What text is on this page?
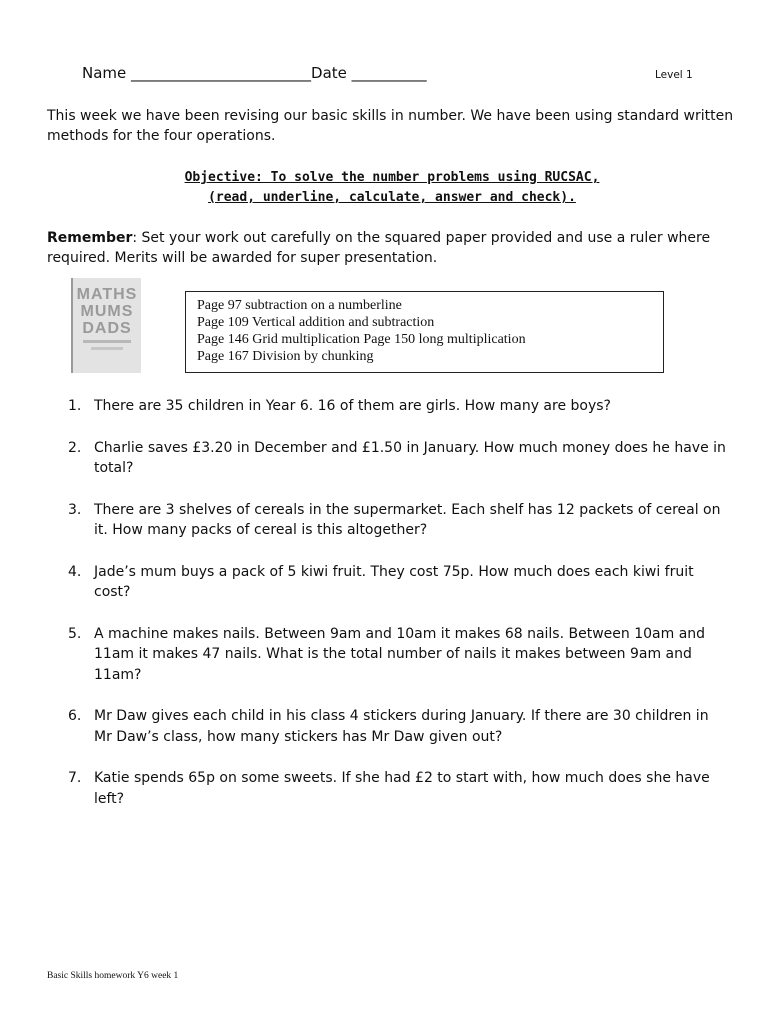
Name ________________________Date __________	Level 1
This week we have been revising our basic skills in number. We have been using standard written methods for the four operations.
Objective: To solve the number problems using RUCSAC,
(read, underline, calculate, answer and check).
Remember: Set your work out carefully on the squared paper provided and use a ruler where required. Merits will be awarded for super presentation.
MATHS
MUMS
DADS
Page 97 subtraction on a numberline
Page 109 Vertical addition and subtraction
Page 146 Grid multiplication Page 150 long multiplication
Page 167 Division by chunking
1. There are 35 children in Year 6. 16 of them are girls. How many are boys?
2. Charlie saves £3.20 in December and £1.50 in January. How much money does he have in total?
3. There are 3 shelves of cereals in the supermarket. Each shelf has 12 packets of cereal on it. How many packs of cereal is this altogether?
4. Jade’s mum buys a pack of 5 kiwi fruit. They cost 75p. How much does each kiwi fruit cost?
5. A machine makes nails. Between 9am and 10am it makes 68 nails. Between 10am and 11am it makes 47 nails. What is the total number of nails it makes between 9am and 11am?
6. Mr Daw gives each child in his class 4 stickers during January. If there are 30 children in Mr Daw’s class, how many stickers has Mr Daw given out?
7. Katie spends 65p on some sweets. If she had £2 to start with, how much does she have left?
Basic Skills homework Y6 week 1
